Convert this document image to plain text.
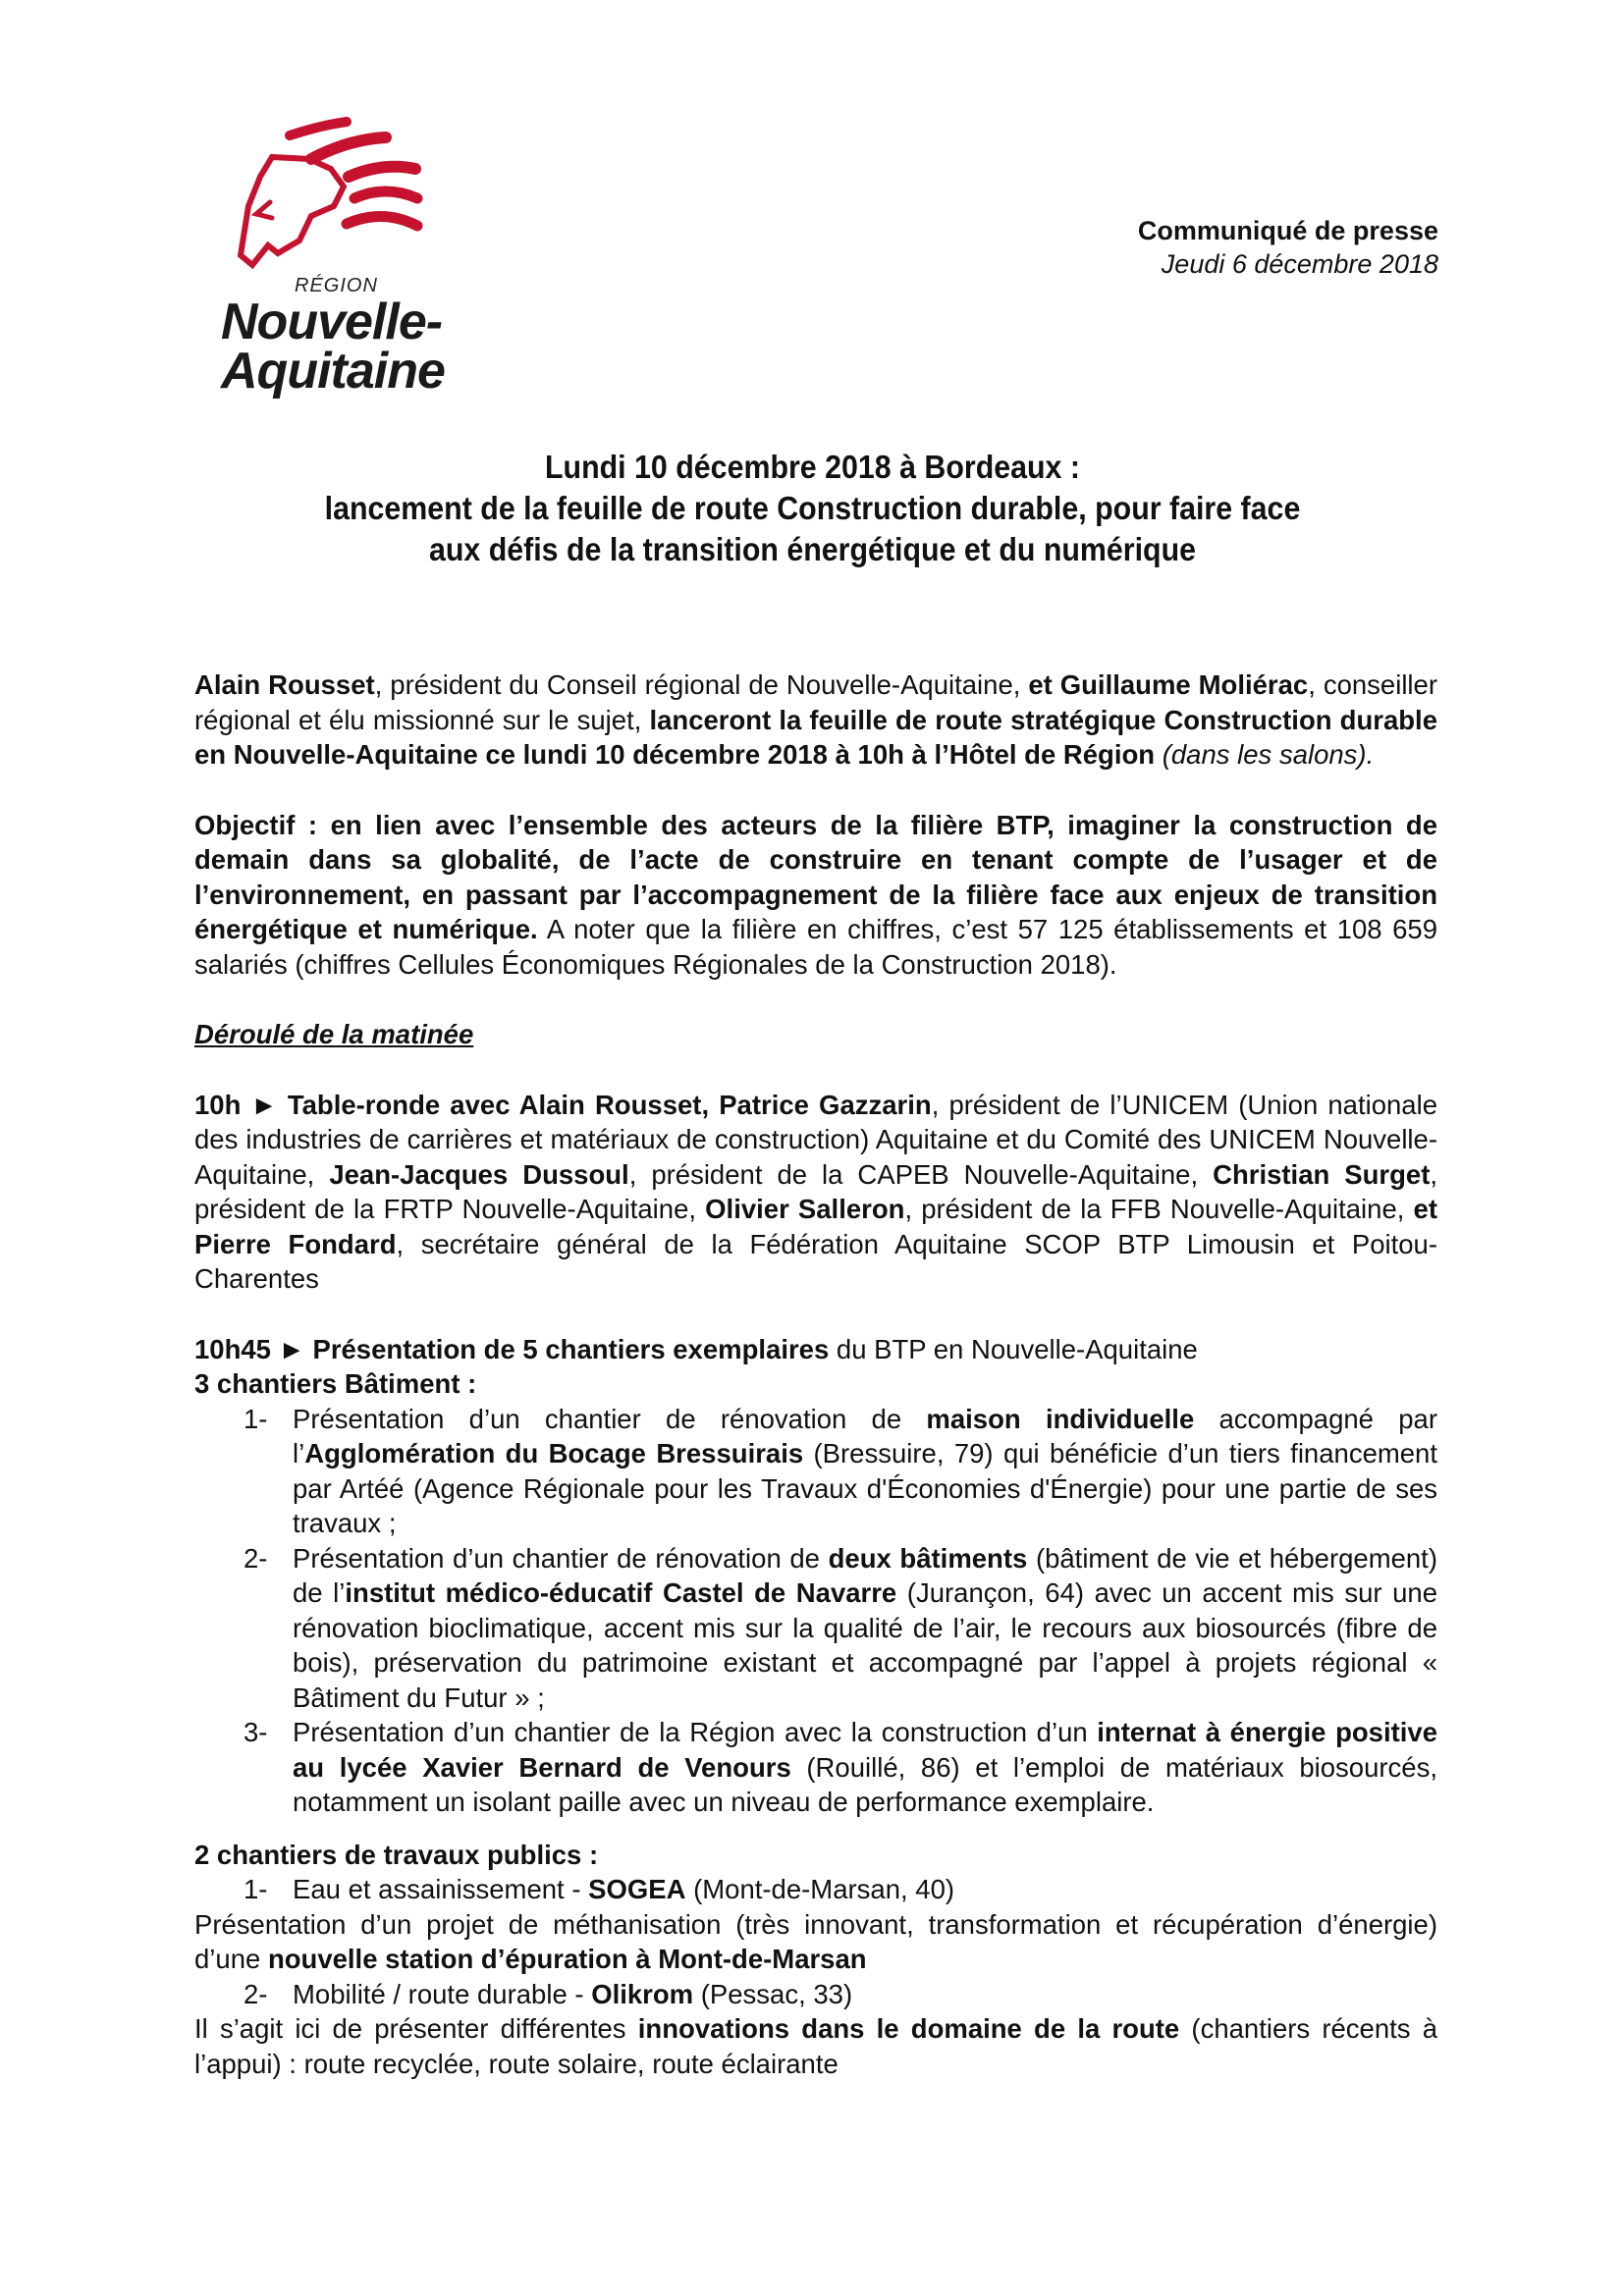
RÉGION
Nouvelle-
Aquitaine
Communiqué de presse
Jeudi 6 décembre 2018
Lundi 10 décembre 2018 à Bordeaux :
lancement de la feuille de route Construction durable, pour faire face
aux défis de la transition énergétique et du numérique

Alain Rousset, président du Conseil régional de Nouvelle-Aquitaine, et Guillaume Moliérac, conseiller régional et élu missionné sur le sujet, lanceront la feuille de route stratégique Construction durable en Nouvelle-Aquitaine ce lundi 10 décembre 2018 à 10h à l’Hôtel de Région (dans les salons).

Objectif : en lien avec l’ensemble des acteurs de la filière BTP, imaginer la construction de demain dans sa globalité, de l’acte de construire en tenant compte de l’usager et de l’environnement, en passant par l’accompagnement de la filière face aux enjeux de transition énergétique et numérique. A noter que la filière en chiffres, c’est 57 125 établissements et 108 659 salariés (chiffres Cellules Économiques Régionales de la Construction 2018).

Déroulé de la matinée

10h ► Table-ronde avec Alain Rousset, Patrice Gazzarin, président de l’UNICEM (Union nationale des industries de carrières et matériaux de construction) Aquitaine et du Comité des UNICEM Nouvelle-Aquitaine, Jean-Jacques Dussoul, président de la CAPEB Nouvelle-Aquitaine, Christian Surget, président de la FRTP Nouvelle-Aquitaine, Olivier Salleron, président de la FFB Nouvelle-Aquitaine, et Pierre Fondard, secrétaire général de la Fédération Aquitaine SCOP BTP Limousin et Poitou-Charentes

10h45 ► Présentation de 5 chantiers exemplaires du BTP en Nouvelle-Aquitaine

3 chantiers Bâtiment :

1- Présentation d’un chantier de rénovation de maison individuelle accompagné par l’Agglomération du Bocage Bressuirais (Bressuire, 79) qui bénéficie d’un tiers financement par Artéé (Agence Régionale pour les Travaux d'Économies d'Énergie) pour une partie de ses travaux ;
2- Présentation d’un chantier de rénovation de deux bâtiments (bâtiment de vie et hébergement) de l’institut médico-éducatif Castel de Navarre (Jurançon, 64) avec un accent mis sur une rénovation bioclimatique, accent mis sur la qualité de l’air, le recours aux biosourcés (fibre de bois), préservation du patrimoine existant et accompagné par l’appel à projets régional « Bâtiment du Futur » ;
3- Présentation d’un chantier de la Région avec la construction d’un internat à énergie positive au lycée Xavier Bernard de Venours (Rouillé, 86) et l’emploi de matériaux biosourcés, notamment un isolant paille avec un niveau de performance exemplaire.

2 chantiers de travaux publics :

1- Eau et assainissement - SOGEA (Mont-de-Marsan, 40)

Présentation d’un projet de méthanisation (très innovant, transformation et récupération d’énergie) d’une nouvelle station d’épuration à Mont-de-Marsan

2- Mobilité / route durable - Olikrom (Pessac, 33)

Il s’agit ici de présenter différentes innovations dans le domaine de la route (chantiers récents à l’appui) : route recyclée, route solaire, route éclairante
